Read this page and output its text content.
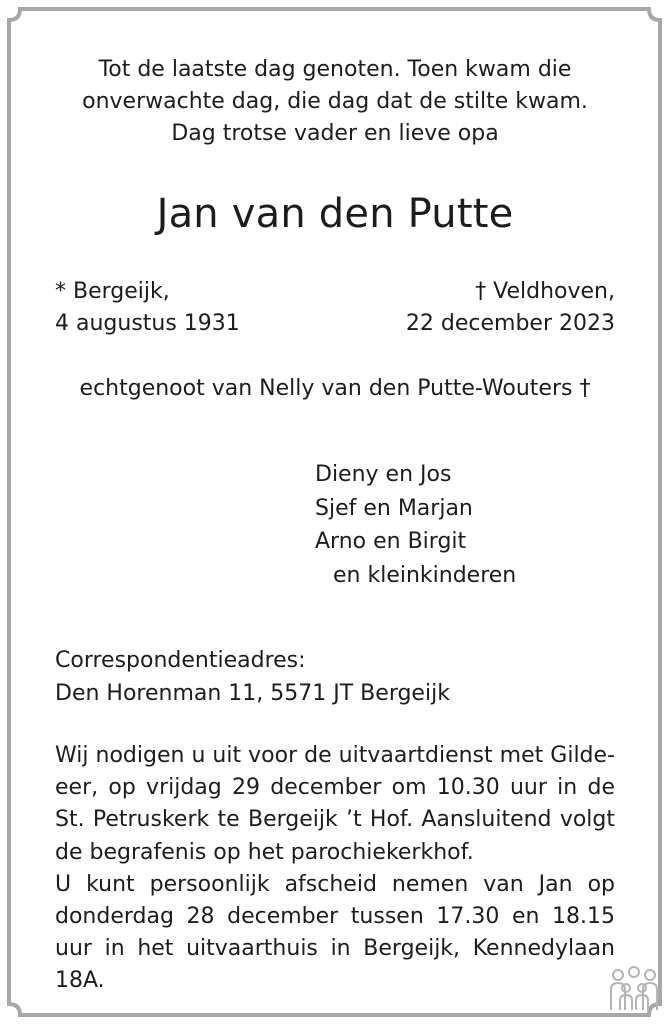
Tot de laatste dag genoten. Toen kwam die
onverwachte dag, die dag dat de stilte kwam.
Dag trotse vader en lieve opa
Jan van den Putte
* Bergeijk,
4 augustus 1931
† Veldhoven,
22 december 2023
echtgenoot van Nelly van den Putte-Wouters †
Dieny en Jos
Sjef en Marjan
Arno en Birgit
en kleinkinderen
Correspondentieadres:
Den Horenman 11, 5571 JT Bergeijk

Wij nodigen u uit voor de uitvaartdienst met Gilde-eer, op vrijdag 29 december om 10.30 uur in de St. Petruskerk te Bergeijk ’t Hof. Aansluitend volgt de begrafenis op het parochiekerkhof.

U kunt persoonlijk afscheid nemen van Jan op donderdag 28 december tussen 17.30 en 18.15 uur in het uitvaarthuis in Bergeijk, Kennedylaan 18A.
